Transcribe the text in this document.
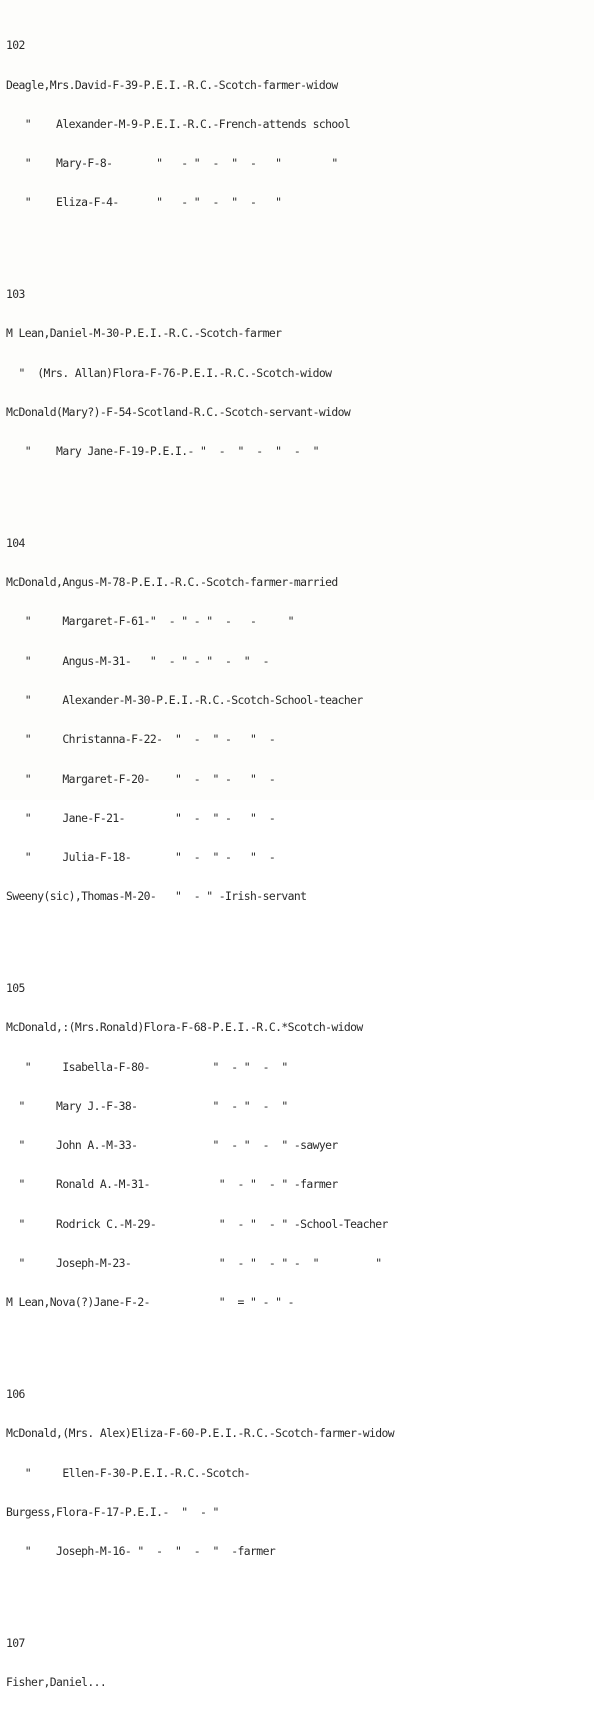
102

Deagle,Mrs.David-F-39-P.E.I.-R.C.-Scotch-farmer-widow

"    Alexander-M-9-P.E.I.-R.C.-French-attends school

"    Mary-F-8-       "   - "  -  "  -   "        "

"    Eliza-F-4-      "   - "  -  "  -   "

103

M Lean,Daniel-M-30-P.E.I.-R.C.-Scotch-farmer

"  (Mrs. Allan)Flora-F-76-P.E.I.-R.C.-Scotch-widow

McDonald(Mary?)-F-54-Scotland-R.C.-Scotch-servant-widow

"    Mary Jane-F-19-P.E.I.- "  -  "  -  "  -  "

104

McDonald,Angus-M-78-P.E.I.-R.C.-Scotch-farmer-married

"     Margaret-F-61-"  - " - "  -   -     "

"     Angus-M-31-   "  - " - "  -  "  -

"     Alexander-M-30-P.E.I.-R.C.-Scotch-School-teacher

"     Christanna-F-22-  "  -  " -   "  -

"     Margaret-F-20-    "  -  " -   "  -

"     Jane-F-21-        "  -  " -   "  -

"     Julia-F-18-       "  -  " -   "  -

Sweeny(sic),Thomas-M-20-   "  - " -Irish-servant

105

McDonald,:(Mrs.Ronald)Flora-F-68-P.E.I.-R.C.*Scotch-widow

"     Isabella-F-80-          "  - "  -  "

"     Mary J.-F-38-            "  - "  -  "

"     John A.-M-33-            "  - "  -  " -sawyer

"     Ronald A.-M-31-           "  - "  - " -farmer

"     Rodrick C.-M-29-          "  - "  - " -School-Teacher

"     Joseph-M-23-              "  - "  - " -  "         "

M Lean,Nova(?)Jane-F-2-           "  = " - " -

106

McDonald,(Mrs. Alex)Eliza-F-60-P.E.I.-R.C.-Scotch-farmer-widow

"     Ellen-F-30-P.E.I.-R.C.-Scotch-

Burgess,Flora-F-17-P.E.I.-  "  - "

"    Joseph-M-16- "  -  "  -  "  -farmer

107

Fisher,Daniel...
